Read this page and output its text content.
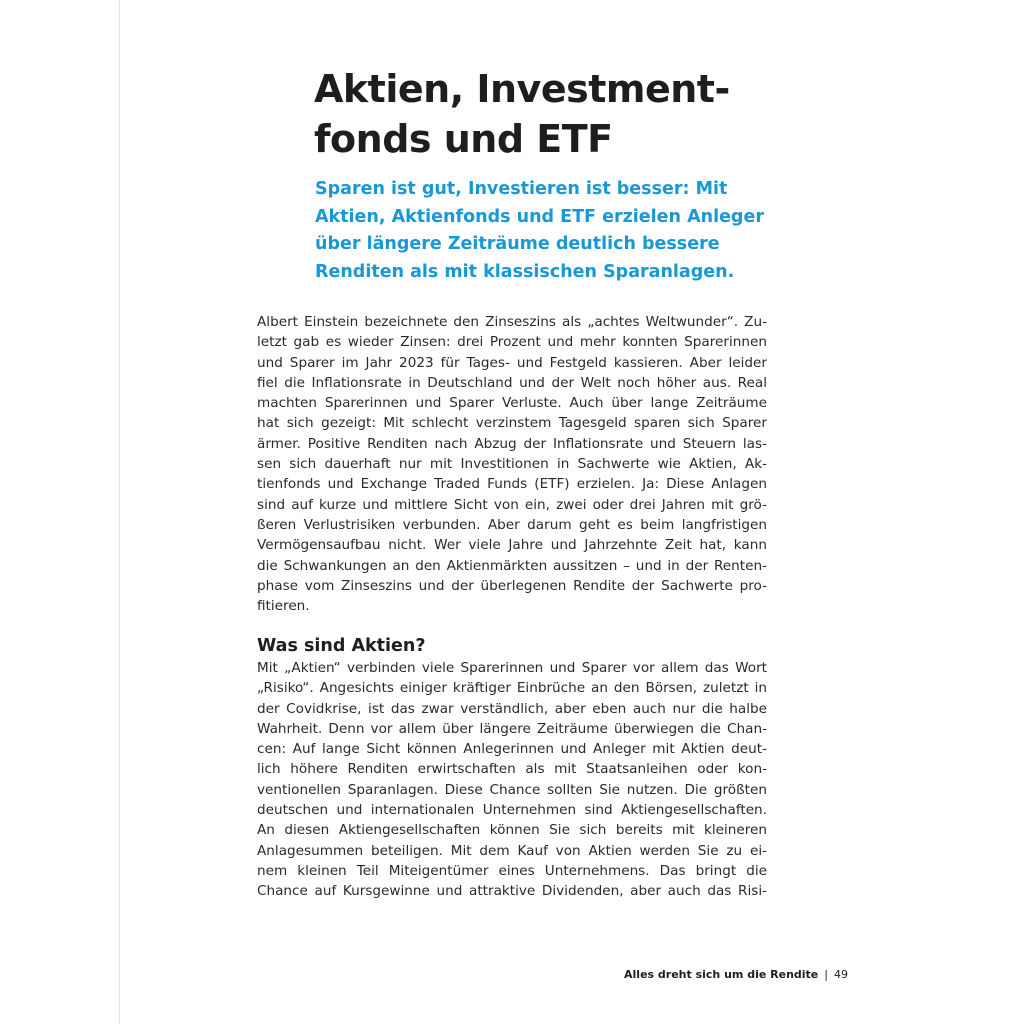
Aktien, Investment-
fonds und ETF

Sparen ist gut, Investieren ist besser: Mit
Aktien, Aktienfonds und ETF erzielen Anleger
über längere Zeiträume deutlich bessere
Renditen als mit klassischen Sparanlagen.

Albert Einstein bezeichnete den Zinseszins als „achtes Weltwunder“. Zu-
letzt gab es wieder Zinsen: drei Prozent und mehr konnten Sparerinnen
und Sparer im Jahr 2023 für Tages- und Festgeld kassieren. Aber leider
fiel die Inflationsrate in Deutschland und der Welt noch höher aus. Real
machten Sparerinnen und Sparer Verluste. Auch über lange Zeiträume
hat sich gezeigt: Mit schlecht verzinstem Tagesgeld sparen sich Sparer
ärmer. Positive Renditen nach Abzug der Inflationsrate und Steuern las-
sen sich dauerhaft nur mit Investitionen in Sachwerte wie Aktien, Ak-
tienfonds und Exchange Traded Funds (ETF) erzielen. Ja: Diese Anlagen
sind auf kurze und mittlere Sicht von ein, zwei oder drei Jahren mit grö-
ßeren Verlustrisiken verbunden. Aber darum geht es beim langfristigen
Vermögensaufbau nicht. Wer viele Jahre und Jahrzehnte Zeit hat, kann
die Schwankungen an den Aktienmärkten aussitzen – und in der Renten-
phase vom Zinseszins und der überlegenen Rendite der Sachwerte pro-
fitieren.

Was sind Aktien?

Mit „Aktien“ verbinden viele Sparerinnen und Sparer vor allem das Wort
„Risiko“. Angesichts einiger kräftiger Einbrüche an den Börsen, zuletzt in
der Covidkrise, ist das zwar verständlich, aber eben auch nur die halbe
Wahrheit. Denn vor allem über längere Zeiträume überwiegen die Chan-
cen: Auf lange Sicht können Anlegerinnen und Anleger mit Aktien deut-
lich höhere Renditen erwirtschaften als mit Staatsanleihen oder kon-
ventionellen Sparanlagen. Diese Chance sollten Sie nutzen. Die größten
deutschen und internationalen Unternehmen sind Aktiengesellschaften.
An diesen Aktiengesellschaften können Sie sich bereits mit kleineren
Anlagesummen beteiligen. Mit dem Kauf von Aktien werden Sie zu ei-
nem kleinen Teil Miteigentümer eines Unternehmens. Das bringt die
Chance auf Kursgewinne und attraktive Dividenden, aber auch das Risi-

Alles dreht sich um die Rendite | 49
